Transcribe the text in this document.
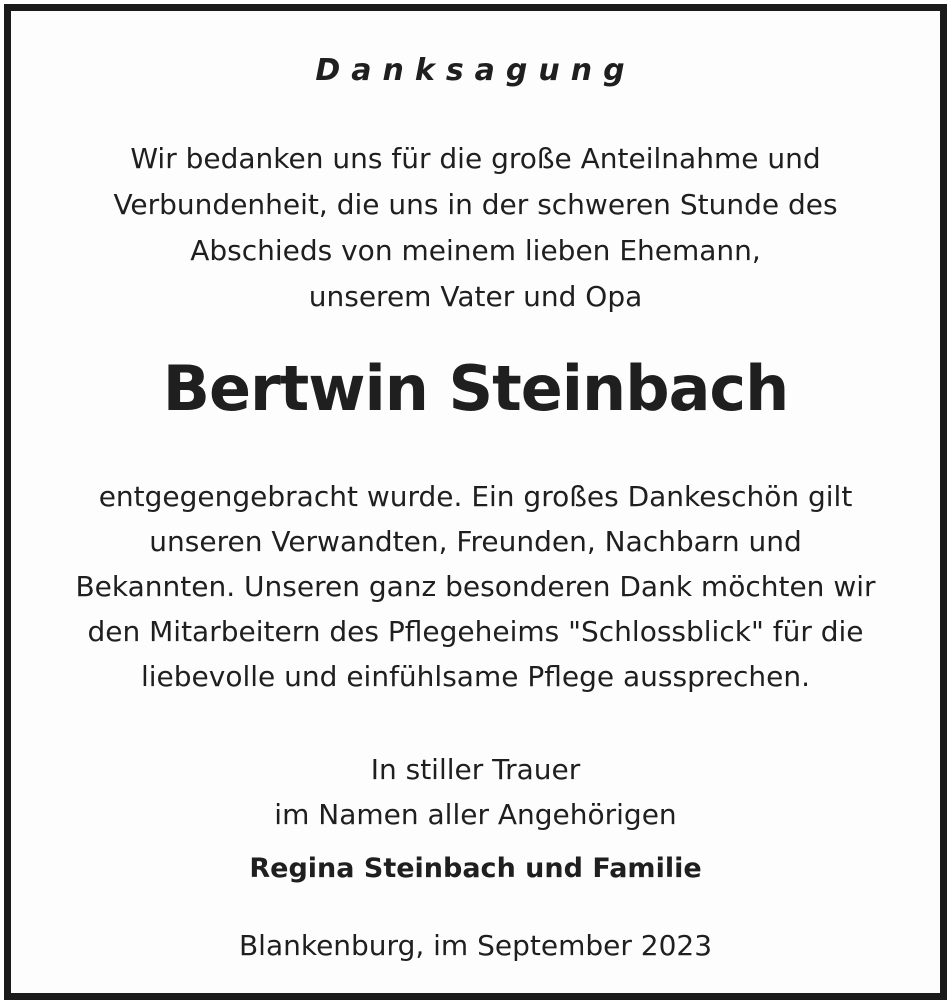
Danksagung
Wir bedanken uns für die große Anteilnahme und
Verbundenheit, die uns in der schweren Stunde des
Abschieds von meinem lieben Ehemann,
unserem Vater und Opa
Bertwin Steinbach
entgegengebracht wurde. Ein großes Dankeschön gilt
unseren Verwandten, Freunden, Nachbarn und
Bekannten. Unseren ganz besonderen Dank möchten wir
den Mitarbeitern des Pflegeheims "Schlossblick" für die
liebevolle und einfühlsame Pflege aussprechen.
In stiller Trauer
im Namen aller Angehörigen
Regina Steinbach und Familie
Blankenburg, im September 2023
